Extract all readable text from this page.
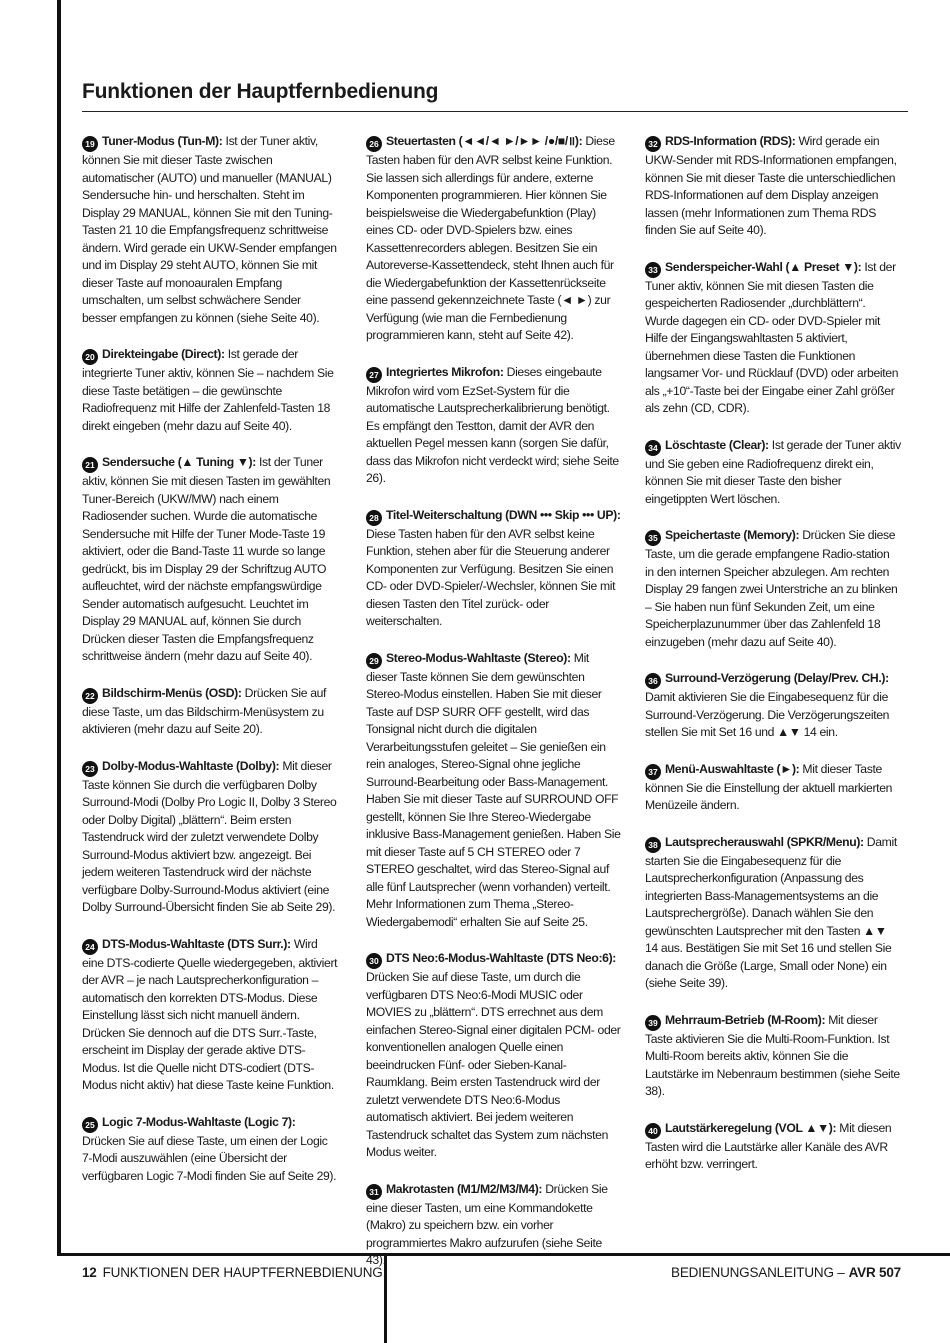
Funktionen der Hauptfernbedienung

19 Tuner-Modus (Tun-M): Ist der Tuner aktiv, können Sie mit dieser Taste zwischen automatischer (AUTO) und manueller (MANUAL) Sendersuche hin- und herschalten. Steht im Display 29 MANUAL, können Sie mit den Tuning-Tasten 21 10 die Empfangsfrequenz schrittweise ändern. Wird gerade ein UKW-Sender empfangen und im Display 29 steht AUTO, können Sie mit dieser Taste auf monoauralen Empfang umschalten, um selbst schwächere Sender besser empfangen zu können (siehe Seite 40).

20 Direkteingabe (Direct): Ist gerade der integrierte Tuner aktiv, können Sie – nachdem Sie diese Taste betätigen – die gewünschte Radiofrequenz mit Hilfe der Zahlenfeld-Tasten 18 direkt eingeben (mehr dazu auf Seite 40).

21 Sendersuche (▲ Tuning ▼): Ist der Tuner aktiv, können Sie mit diesen Tasten im gewählten Tuner-Bereich (UKW/MW) nach einem Radiosender suchen. Wurde die automatische Sendersuche mit Hilfe der Tuner Mode-Taste 19 aktiviert, oder die Band-Taste 11 wurde so lange gedrückt, bis im Display 29 der Schriftzug AUTO aufleuchtet, wird der nächste empfangswürdige Sender automatisch aufgesucht. Leuchtet im Display 29 MANUAL auf, können Sie durch Drücken dieser Tasten die Empfangsfrequenz schrittweise ändern (mehr dazu auf Seite 40).

22 Bildschirm-Menüs (OSD): Drücken Sie auf diese Taste, um das Bildschirm-Menüsystem zu aktivieren (mehr dazu auf Seite 20).

23 Dolby-Modus-Wahltaste (Dolby): Mit dieser Taste können Sie durch die verfügbaren Dolby Surround-Modi (Dolby Pro Logic II, Dolby 3 Stereo oder Dolby Digital) „blättern“. Beim ersten Tastendruck wird der zuletzt verwendete Dolby Surround-Modus aktiviert bzw. angezeigt. Bei jedem weiteren Tastendruck wird der nächste verfügbare Dolby-Surround-Modus aktiviert (eine Dolby Surround-Übersicht finden Sie ab Seite 29).

24 DTS-Modus-Wahltaste (DTS Surr.): Wird eine DTS-codierte Quelle wiedergegeben, aktiviert der AVR – je nach Lautsprecherkonfiguration – automatisch den korrekten DTS-Modus. Diese Einstellung lässt sich nicht manuell ändern. Drücken Sie dennoch auf die DTS Surr.-Taste, erscheint im Display der gerade aktive DTS-Modus. Ist die Quelle nicht DTS-codiert (DTS-Modus nicht aktiv) hat diese Taste keine Funktion.

25 Logic 7-Modus-Wahltaste (Logic 7): Drücken Sie auf diese Taste, um einen der Logic 7-Modi auszuwählen (eine Übersicht der verfügbaren Logic 7-Modi finden Sie auf Seite 29).

26 Steuertasten (◄◄/◄ ►/►► /●/■/॥): Diese Tasten haben für den AVR selbst keine Funktion. Sie lassen sich allerdings für andere, externe Komponenten programmieren. Hier können Sie beispielsweise die Wiedergabefunktion (Play) eines CD- oder DVD-Spielers bzw. eines Kassettenrecorders ablegen. Besitzen Sie ein Autoreverse-Kassettendeck, steht Ihnen auch für die Wiedergabefunktion der Kassettenrückseite eine passend gekennzeichnete Taste (◄ ►) zur Verfügung (wie man die Fernbedienung programmieren kann, steht auf Seite 42).

27 Integriertes Mikrofon: Dieses eingebaute Mikrofon wird vom EzSet-System für die automatische Lautsprecherkalibrierung benötigt. Es empfängt den Testton, damit der AVR den aktuellen Pegel messen kann (sorgen Sie dafür, dass das Mikrofon nicht verdeckt wird; siehe Seite 26).

28 Titel-Weiterschaltung (DWN ••• Skip ••• UP): Diese Tasten haben für den AVR selbst keine Funktion, stehen aber für die Steuerung anderer Komponenten zur Verfügung. Besitzen Sie einen CD- oder DVD-Spieler/-Wechsler, können Sie mit diesen Tasten den Titel zurück- oder weiterschalten.

29 Stereo-Modus-Wahltaste (Stereo): Mit dieser Taste können Sie dem gewünschten Stereo-Modus einstellen. Haben Sie mit dieser Taste auf DSP SURR OFF gestellt, wird das Tonsignal nicht durch die digitalen Verarbeitungsstufen geleitet – Sie genießen ein rein analoges, Stereo-Signal ohne jegliche Surround-Bearbeitung oder Bass-Management. Haben Sie mit dieser Taste auf SURROUND OFF gestellt, können Sie Ihre Stereo-Wiedergabe inklusive Bass-Management genießen. Haben Sie mit dieser Taste auf 5 CH STEREO oder 7 STEREO geschaltet, wird das Stereo-Signal auf alle fünf Lautsprecher (wenn vorhanden) verteilt. Mehr Informationen zum Thema „Stereo-Wiedergabemodi“ erhalten Sie auf Seite 25.

30 DTS Neo:6-Modus-Wahltaste (DTS Neo:6): Drücken Sie auf diese Taste, um durch die verfügbaren DTS Neo:6-Modi MUSIC oder MOVIES zu „blättern“. DTS errechnet aus dem einfachen Stereo-Signal einer digitalen PCM- oder konventionellen analogen Quelle einen beeindrucken Fünf- oder Sieben-Kanal-Raumklang. Beim ersten Tastendruck wird der zuletzt verwendete DTS Neo:6-Modus automatisch aktiviert. Bei jedem weiteren Tastendruck schaltet das System zum nächsten Modus weiter.

31 Makrotasten (M1/M2/M3/M4): Drücken Sie eine dieser Tasten, um eine Kommandokette (Makro) zu speichern bzw. ein vorher programmiertes Makro aufzurufen (siehe Seite 43).

32 RDS-Information (RDS): Wird gerade ein UKW-Sender mit RDS-Informationen empfangen, können Sie mit dieser Taste die unterschiedlichen RDS-Informationen auf dem Display anzeigen lassen (mehr Informationen zum Thema RDS finden Sie auf Seite 40).

33 Senderspeicher-Wahl (▲ Preset ▼): Ist der Tuner aktiv, können Sie mit diesen Tasten die gespeicherten Radiosender „durchblättern“. Wurde dagegen ein CD- oder DVD-Spieler mit Hilfe der Eingangswahltasten 5 aktiviert, übernehmen diese Tasten die Funktionen langsamer Vor- und Rücklauf (DVD) oder arbeiten als „+10“-Taste bei der Eingabe einer Zahl größer als zehn (CD, CDR).

34 Löschtaste (Clear): Ist gerade der Tuner aktiv und Sie geben eine Radiofrequenz direkt ein, können Sie mit dieser Taste den bisher eingetippten Wert löschen.

35 Speichertaste (Memory): Drücken Sie diese Taste, um die gerade empfangene Radio-station in den internen Speicher abzulegen. Am rechten Display 29 fangen zwei Unterstriche an zu blinken – Sie haben nun fünf Sekunden Zeit, um eine Speicherplazunummer über das Zahlenfeld 18 einzugeben (mehr dazu auf Seite 40).

36 Surround-Verzögerung (Delay/Prev. CH.): Damit aktivieren Sie die Eingabesequenz für die Surround-Verzögerung. Die Verzögerungszeiten stellen Sie mit Set 16 und ▲▼ 14 ein.

37 Menü-Auswahltaste (►): Mit dieser Taste können Sie die Einstellung der aktuell markierten Menüzeile ändern.

38 Lautsprecherauswahl (SPKR/Menu): Damit starten Sie die Eingabesequenz für die Lautsprecherkonfiguration (Anpassung des integrierten Bass-Managementsystems an die Lautsprechergröße). Danach wählen Sie den gewünschten Lautsprecher mit den Tasten ▲▼ 14 aus. Bestätigen Sie mit Set 16 und stellen Sie danach die Größe (Large, Small oder None) ein (siehe Seite 39).

39 Mehrraum-Betrieb (M-Room): Mit dieser Taste aktivieren Sie die Multi-Room-Funktion. Ist Multi-Room bereits aktiv, können Sie die Lautstärke im Nebenraum bestimmen (siehe Seite 38).

40 Lautstärkeregelung (VOL ▲▼): Mit diesen Tasten wird die Lautstärke aller Kanäle des AVR erhöht bzw. verringert.

12 FUNKTIONEN DER HAUPTFERNEBDIENUNG	BEDIENUNGSANLEITUNG – AVR 507
